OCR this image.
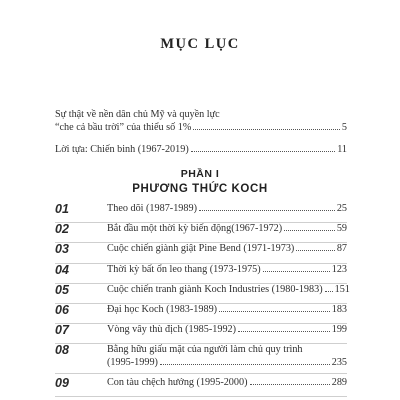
MỤC LỤC
Sự thật về nền dân chủ Mỹ và quyền lực
“che cả bầu trời” của thiểu số 1%	5
Lời tựa: Chiến binh (1967-2019)	11
PHẦN I
PHƯƠNG THỨC KOCH
01	Theo dõi (1987-1989)	25
02	Bắt đầu một thời kỳ biến động(1967-1972)	59
03	Cuộc chiến giành giật Pine Bend (1971-1973)	87
04	Thời kỳ bất ổn leo thang (1973-1975)	123
05	Cuộc chiến tranh giành Koch Industries (1980-1983) 151
06	Đại học Koch (1983-1989)	183
07	Vòng vây thù địch (1985-1992)	199
08	Bằng hữu giấu mặt của người làm chủ quy trình
(1995-1999)	235
09	Con tàu chệch hướng (1995-2000)	289
